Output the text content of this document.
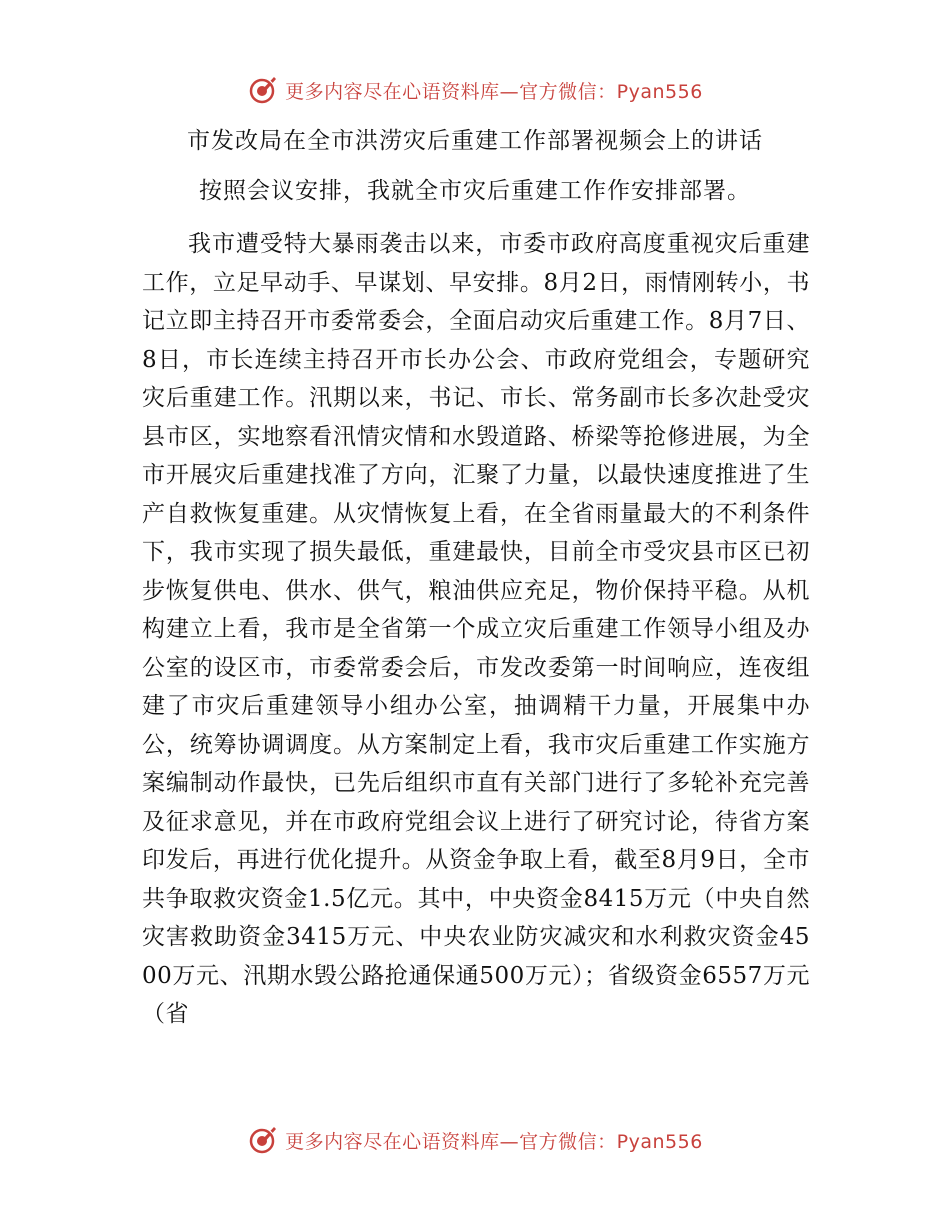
更多内容尽在心语资料库—官方微信：Pyan556
市发改局在全市洪涝灾后重建工作部署视频会上的讲话
按照会议安排，我就全市灾后重建工作作安排部署。
我市遭受特大暴雨袭击以来，市委市政府高度重视灾后重建工作，立足早动手、早谋划、早安排。8月2日，雨情刚转小，书记立即主持召开市委常委会，全面启动灾后重建工作。8月7日、8日，市长连续主持召开市长办公会、市政府党组会，专题研究灾后重建工作。汛期以来，书记、市长、常务副市长多次赴受灾县市区，实地察看汛情灾情和水毁道路、桥梁等抢修进展，为全市开展灾后重建找准了方向，汇聚了力量，以最快速度推进了生产自救恢复重建。从灾情恢复上看，在全省雨量最大的不利条件下，我市实现了损失最低，重建最快，目前全市受灾县市区已初步恢复供电、供水、供气，粮油供应充足，物价保持平稳。从机构建立上看，我市是全省第一个成立灾后重建工作领导小组及办公室的设区市，市委常委会后，市发改委第一时间响应，连夜组建了市灾后重建领导小组办公室，抽调精干力量，开展集中办公，统筹协调调度。从方案制定上看，我市灾后重建工作实施方案编制动作最快，已先后组织市直有关部门进行了多轮补充完善及征求意见，并在市政府党组会议上进行了研究讨论，待省方案印发后，再进行优化提升。从资金争取上看，截至8月9日，全市共争取救灾资金1.5亿元。其中，中央资金8415万元（中央自然灾害救助资金3415万元、中央农业防灾减灾和水利救灾资金4500万元、汛期水毁公路抢通保通500万元）；省级资金6557万元（省
更多内容尽在心语资料库—官方微信：Pyan556
